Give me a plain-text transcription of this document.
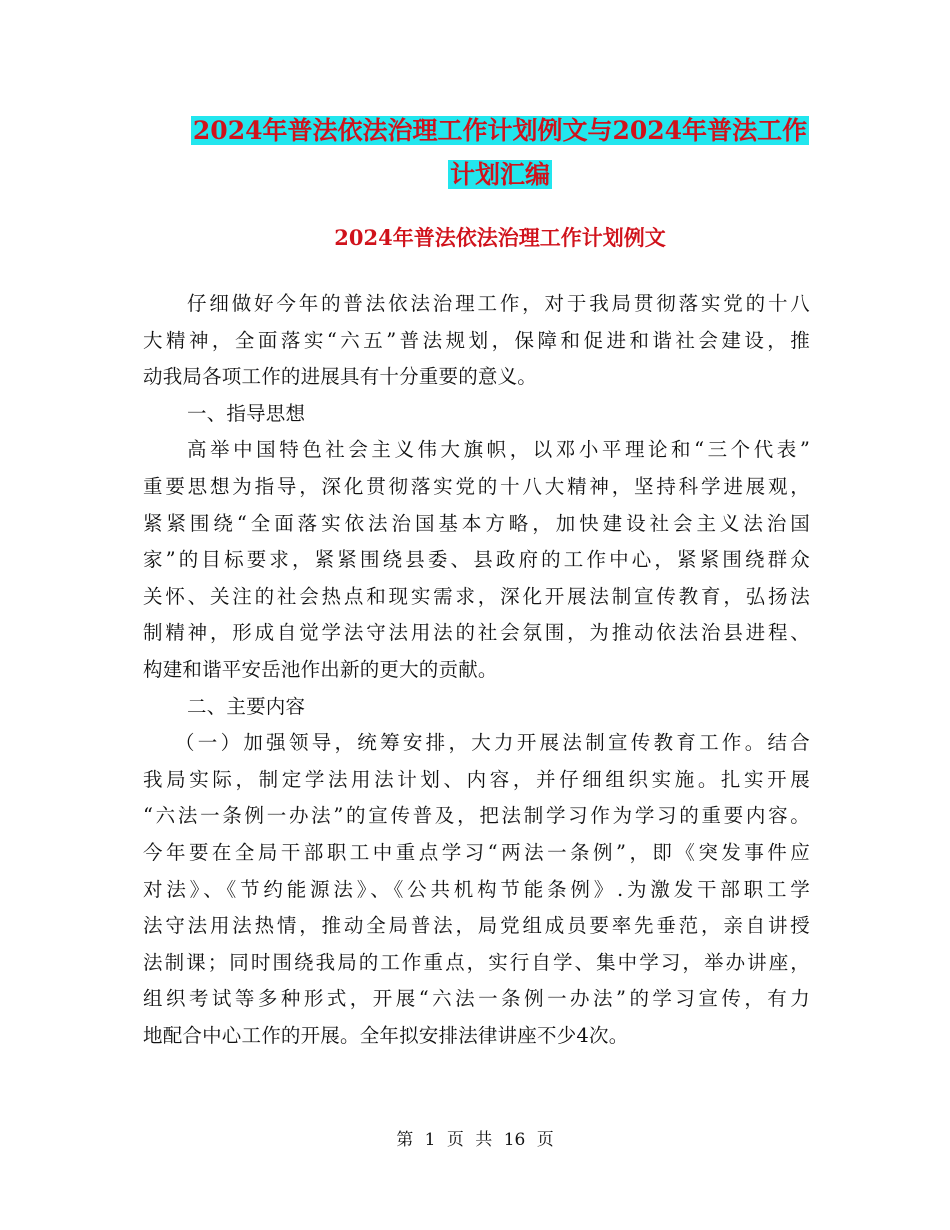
2024年普法依法治理工作计划例文与2024年普法工作
计划汇编
2024年普法依法治理工作计划例文
仔细做好今年的普法依法治理工作，对于我局贯彻落实党的十八
大精神，全面落实“六五”普法规划，保障和促进和谐社会建设，推
动我局各项工作的进展具有十分重要的意义。
一、指导思想
高举中国特色社会主义伟大旗帜，以邓小平理论和“三个代表”
重要思想为指导，深化贯彻落实党的十八大精神，坚持科学进展观，
紧紧围绕“全面落实依法治国基本方略，加快建设社会主义法治国
家”的目标要求，紧紧围绕县委、县政府的工作中心，紧紧围绕群众
关怀、关注的社会热点和现实需求，深化开展法制宣传教育，弘扬法
制精神，形成自觉学法守法用法的社会氛围，为推动依法治县进程、
构建和谐平安岳池作出新的更大的贡献。
二、主要内容
（一）加强领导，统筹安排，大力开展法制宣传教育工作。结合
我局实际，制定学法用法计划、内容，并仔细组织实施。扎实开展
“六法一条例一办法”的宣传普及，把法制学习作为学习的重要内容。
今年要在全局干部职工中重点学习“两法一条例”，即《突发事件应
对法》、《节约能源法》、《公共机构节能条例》.为激发干部职工学
法守法用法热情，推动全局普法，局党组成员要率先垂范，亲自讲授
法制课；同时围绕我局的工作重点，实行自学、集中学习，举办讲座，
组织考试等多种形式，开展“六法一条例一办法”的学习宣传，有力
地配合中心工作的开展。全年拟安排法律讲座不少4次。
第 1 页 共 16 页
